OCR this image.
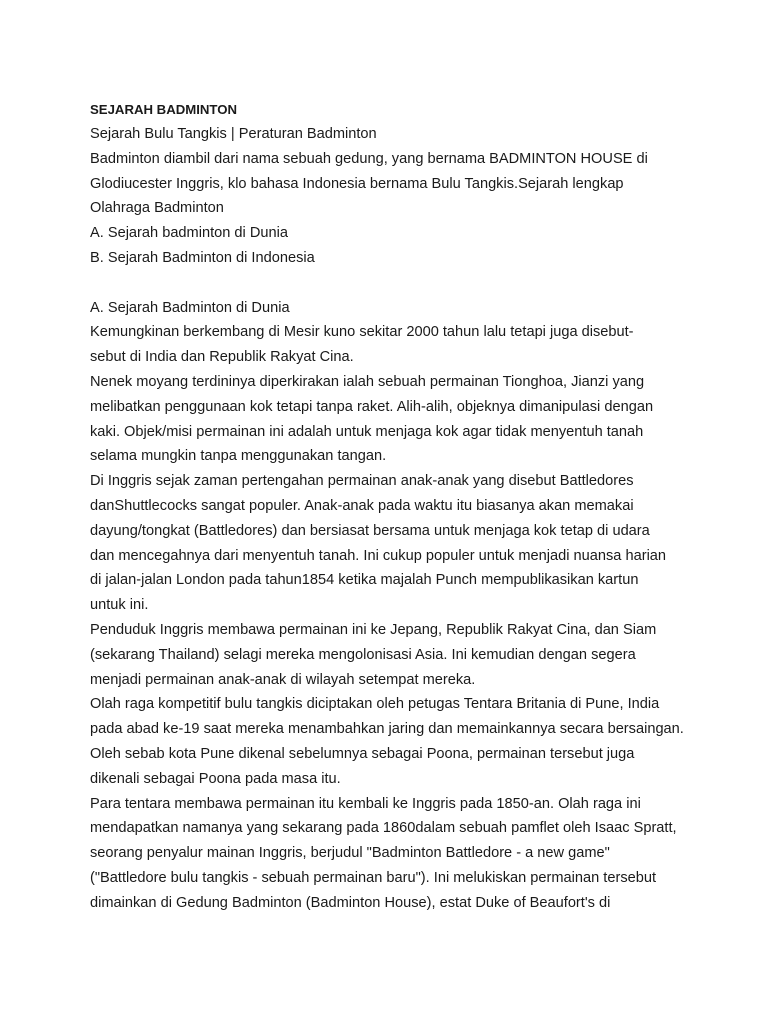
SEJARAH BADMINTON

Sejarah Bulu Tangkis | Peraturan Badminton

Badminton diambil dari nama sebuah gedung, yang bernama BADMINTON HOUSE di

Glodiucester Inggris, klo bahasa Indonesia bernama Bulu Tangkis.Sejarah lengkap

Olahraga Badminton

A. Sejarah badminton di Dunia

B. Sejarah Badminton di Indonesia

A. Sejarah Badminton di Dunia

Kemungkinan berkembang di Mesir kuno sekitar 2000 tahun lalu tetapi juga disebut-

sebut di India dan Republik Rakyat Cina.

Nenek moyang terdininya diperkirakan ialah sebuah permainan Tionghoa, Jianzi yang

melibatkan penggunaan kok tetapi tanpa raket. Alih-alih, objeknya dimanipulasi dengan

kaki. Objek/misi permainan ini adalah untuk menjaga kok agar tidak menyentuh tanah

selama mungkin tanpa menggunakan tangan.

Di Inggris sejak zaman pertengahan permainan anak-anak yang disebut Battledores

danShuttlecocks sangat populer. Anak-anak pada waktu itu biasanya akan memakai

dayung/tongkat (Battledores) dan bersiasat bersama untuk menjaga kok tetap di udara

dan mencegahnya dari menyentuh tanah. Ini cukup populer untuk menjadi nuansa harian

di jalan-jalan London pada tahun1854 ketika majalah Punch mempublikasikan kartun

untuk ini.

Penduduk Inggris membawa permainan ini ke Jepang, Republik Rakyat Cina, dan Siam

(sekarang Thailand) selagi mereka mengolonisasi Asia. Ini kemudian dengan segera

menjadi permainan anak-anak di wilayah setempat mereka.

Olah raga kompetitif bulu tangkis diciptakan oleh petugas Tentara Britania di Pune, India

pada abad ke-19 saat mereka menambahkan jaring dan memainkannya secara bersaingan.

Oleh sebab kota Pune dikenal sebelumnya sebagai Poona, permainan tersebut juga

dikenali sebagai Poona pada masa itu.

Para tentara membawa permainan itu kembali ke Inggris pada 1850-an. Olah raga ini

mendapatkan namanya yang sekarang pada 1860dalam sebuah pamflet oleh Isaac Spratt,

seorang penyalur mainan Inggris, berjudul "Badminton Battledore - a new game"

("Battledore bulu tangkis - sebuah permainan baru"). Ini melukiskan permainan tersebut

dimainkan di Gedung Badminton (Badminton House), estat Duke of Beaufort's di
